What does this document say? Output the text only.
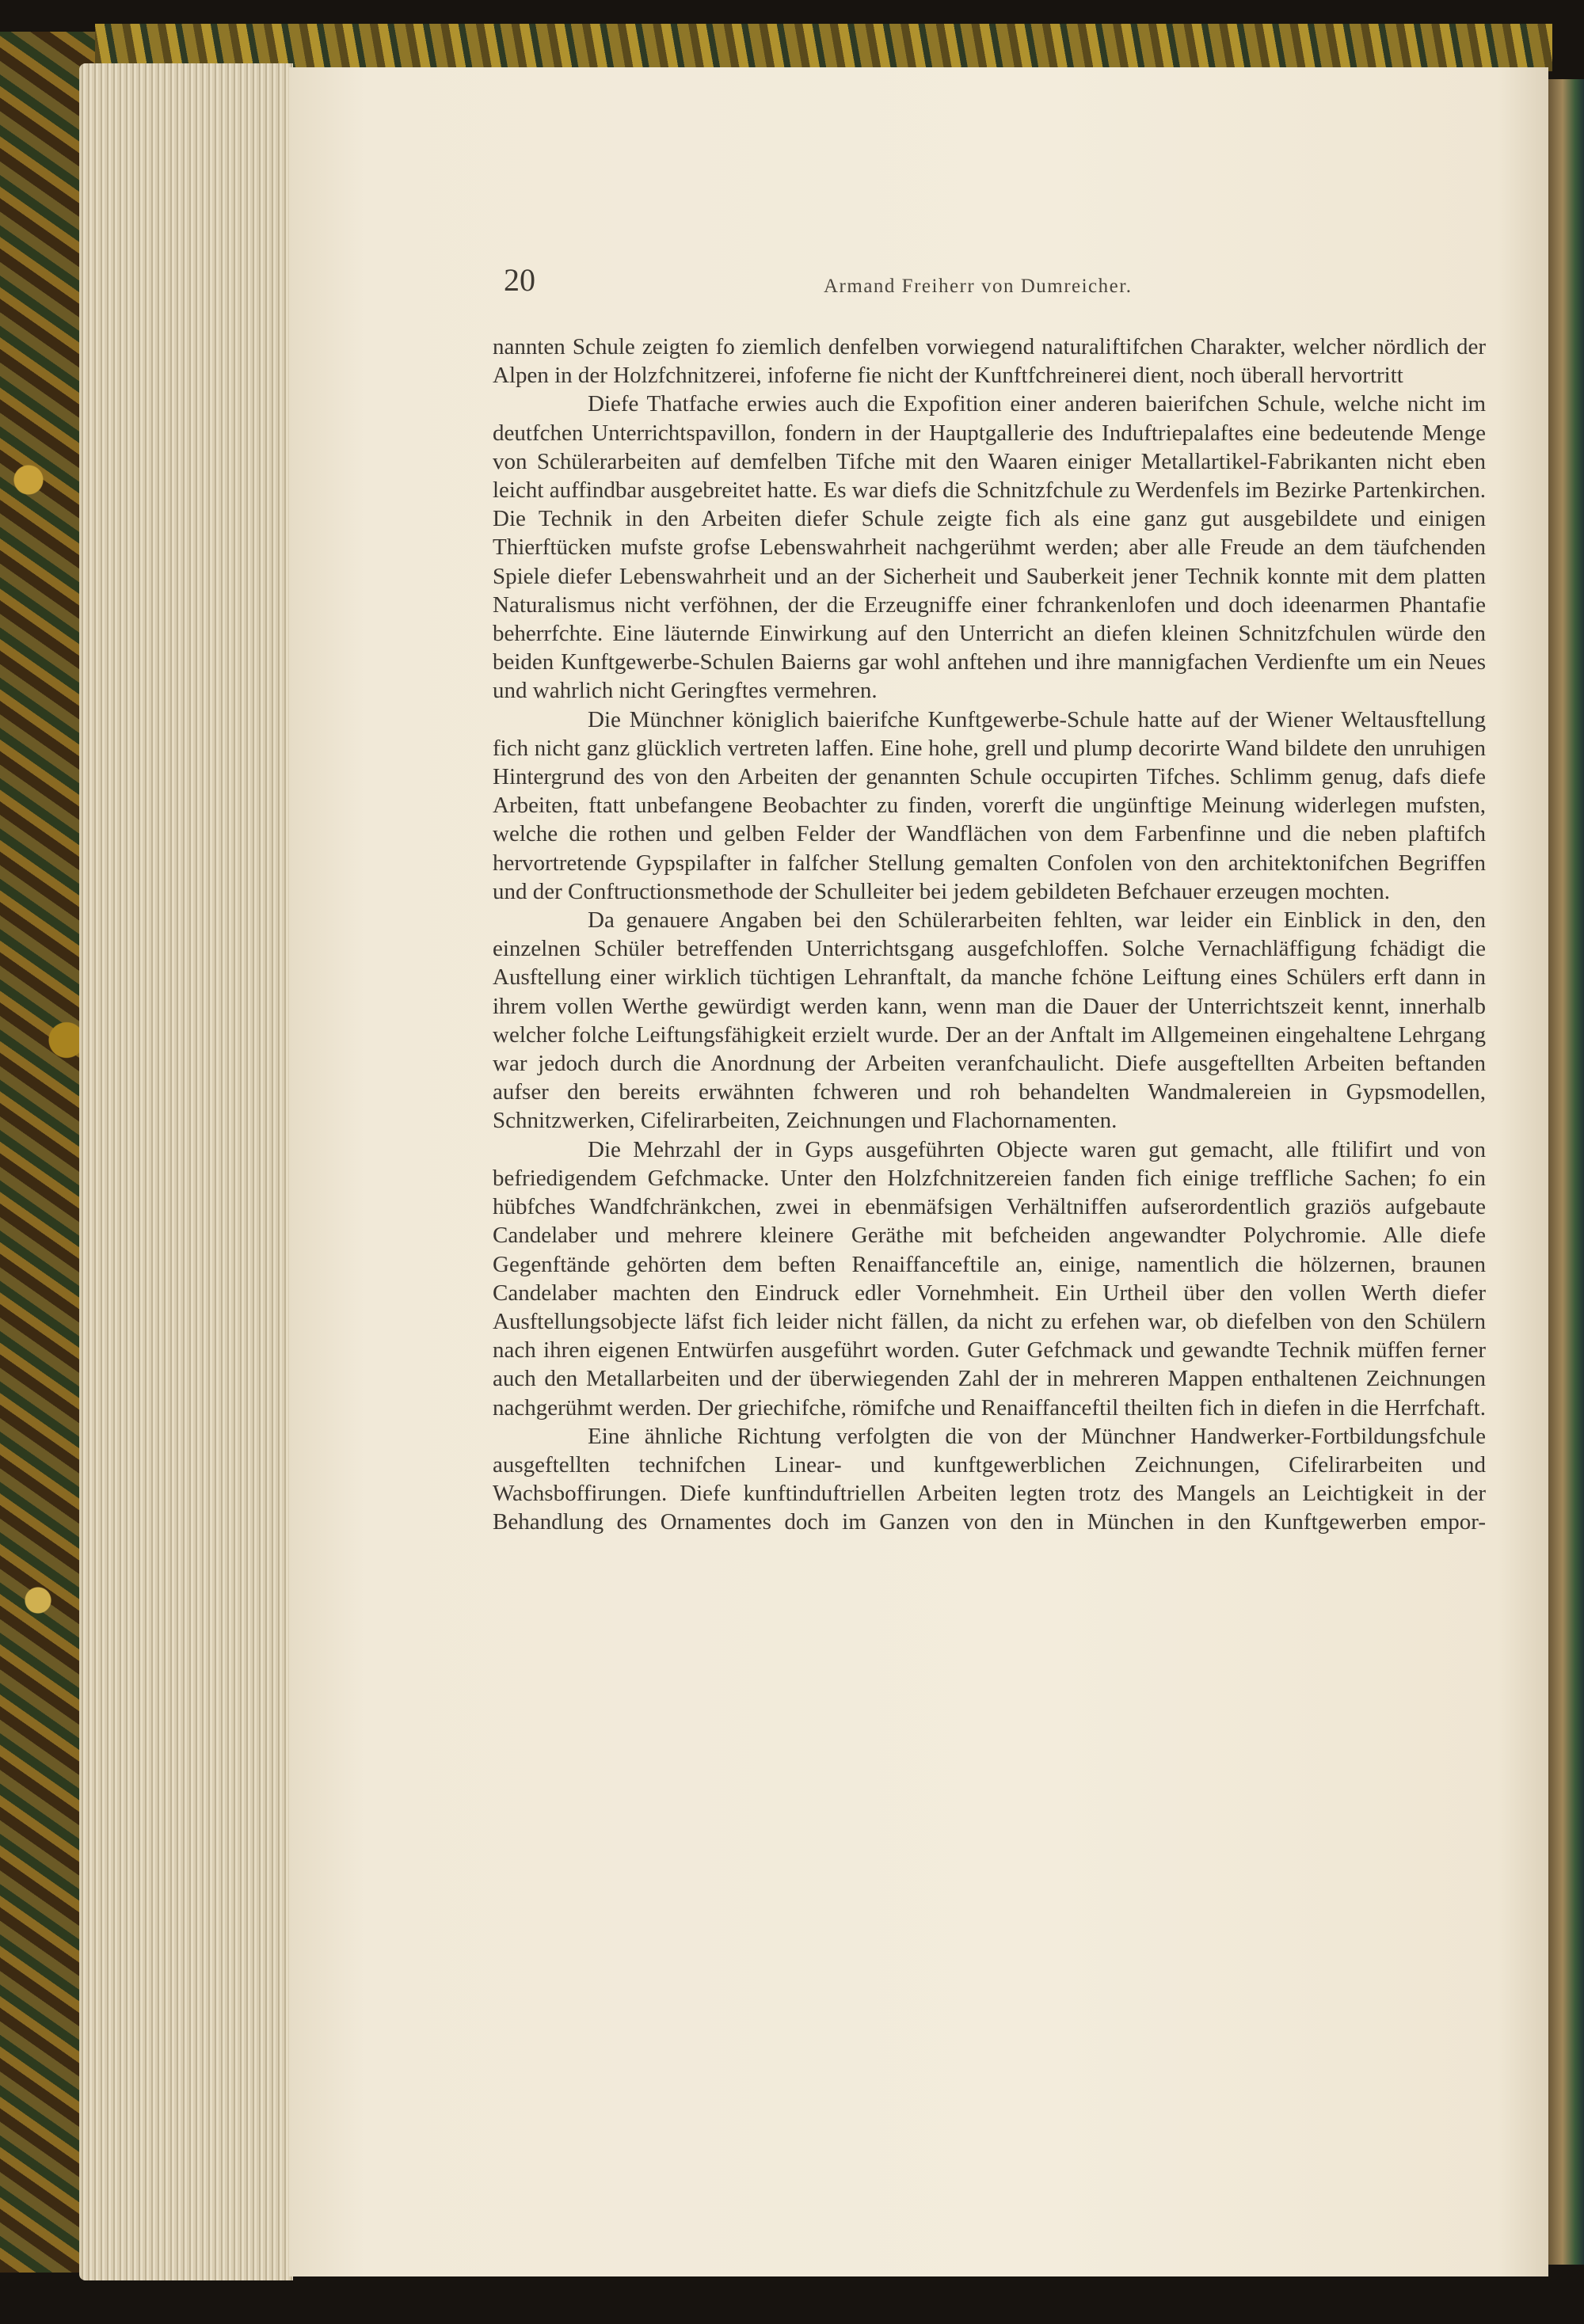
20	Armand Freiherr von Dumreicher.

nannten Schule zeigten fo ziemlich denfelben vorwiegend naturaliftifchen Charakter, welcher nördlich der Alpen in der Holzfchnitzerei, infoferne fie nicht der Kunftfchreinerei dient, noch überall hervortritt

Diefe Thatfache erwies auch die Expofition einer anderen baierifchen Schule, welche nicht im deutfchen Unterrichtspavillon, fondern in der Hauptgallerie des Induftriepalaftes eine bedeutende Menge von Schülerarbeiten auf demfelben Tifche mit den Waaren einiger Metallartikel-Fabrikanten nicht eben leicht auffindbar ausgebreitet hatte. Es war diefs die Schnitzfchule zu Werdenfels im Bezirke Partenkirchen. Die Technik in den Arbeiten diefer Schule zeigte fich als eine ganz gut ausgebildete und einigen Thierftücken mufste grofse Lebenswahrheit nachgerühmt werden; aber alle Freude an dem täufchenden Spiele diefer Lebenswahrheit und an der Sicherheit und Sauberkeit jener Technik konnte mit dem platten Naturalismus nicht verföhnen, der die Erzeugniffe einer fchrankenlofen und doch ideenarmen Phantafie beherrfchte. Eine läuternde Einwirkung auf den Unterricht an diefen kleinen Schnitzfchulen würde den beiden Kunftgewerbe-Schulen Baierns gar wohl anftehen und ihre mannigfachen Verdienfte um ein Neues und wahrlich nicht Geringftes vermehren.

Die Münchner königlich baierifche Kunftgewerbe-Schule hatte auf der Wiener Weltausftellung fich nicht ganz glücklich vertreten laffen. Eine hohe, grell und plump decorirte Wand bildete den unruhigen Hintergrund des von den Arbeiten der genannten Schule occupirten Tifches. Schlimm genug, dafs diefe Arbeiten, ftatt unbefangene Beobachter zu finden, vorerft die ungünftige Meinung widerlegen mufsten, welche die rothen und gelben Felder der Wandflächen von dem Farbenfinne und die neben plaftifch hervortretende Gypspilafter in falfcher Stellung gemalten Confolen von den architektonifchen Begriffen und der Conftructionsmethode der Schulleiter bei jedem gebildeten Befchauer erzeugen mochten.

Da genauere Angaben bei den Schülerarbeiten fehlten, war leider ein Einblick in den, den einzelnen Schüler betreffenden Unterrichtsgang ausgefchloffen. Solche Vernachläffigung fchädigt die Ausftellung einer wirklich tüchtigen Lehranftalt, da manche fchöne Leiftung eines Schülers erft dann in ihrem vollen Werthe gewürdigt werden kann, wenn man die Dauer der Unterrichtszeit kennt, innerhalb welcher folche Leiftungsfähigkeit erzielt wurde. Der an der Anftalt im Allgemeinen eingehaltene Lehrgang war jedoch durch die Anordnung der Arbeiten veranfchaulicht. Diefe ausgeftellten Arbeiten beftanden aufser den bereits erwähnten fchweren und roh behandelten Wandmalereien in Gypsmodellen, Schnitzwerken, Cifelirarbeiten, Zeichnungen und Flachornamenten.

Die Mehrzahl der in Gyps ausgeführten Objecte waren gut gemacht, alle ftilifirt und von befriedigendem Gefchmacke. Unter den Holzfchnitzereien fanden fich einige treffliche Sachen; fo ein hübfches Wandfchränkchen, zwei in ebenmäfsigen Verhältniffen aufserordentlich graziös aufgebaute Candelaber und mehrere kleinere Geräthe mit befcheiden angewandter Polychromie. Alle diefe Gegenftände gehörten dem beften Renaiffanceftile an, einige, namentlich die hölzernen, braunen Candelaber machten den Eindruck edler Vornehmheit. Ein Urtheil über den vollen Werth diefer Ausftellungsobjecte läfst fich leider nicht fällen, da nicht zu erfehen war, ob diefelben von den Schülern nach ihren eigenen Entwürfen ausgeführt worden. Guter Gefchmack und gewandte Technik müffen ferner auch den Metallarbeiten und der überwiegenden Zahl der in mehreren Mappen enthaltenen Zeichnungen nachgerühmt werden. Der griechifche, römifche und Renaiffanceftil theilten fich in diefen in die Herrfchaft.

Eine ähnliche Richtung verfolgten die von der Münchner Handwerker-Fortbildungsfchule ausgeftellten technifchen Linear- und kunftgewerblichen Zeichnungen, Cifelirarbeiten und Wachsboffirungen. Diefe kunftinduftriellen Arbeiten legten trotz des Mangels an Leichtigkeit in der Behandlung des Ornamentes doch im Ganzen von den in München in den Kunftgewerben empor-
